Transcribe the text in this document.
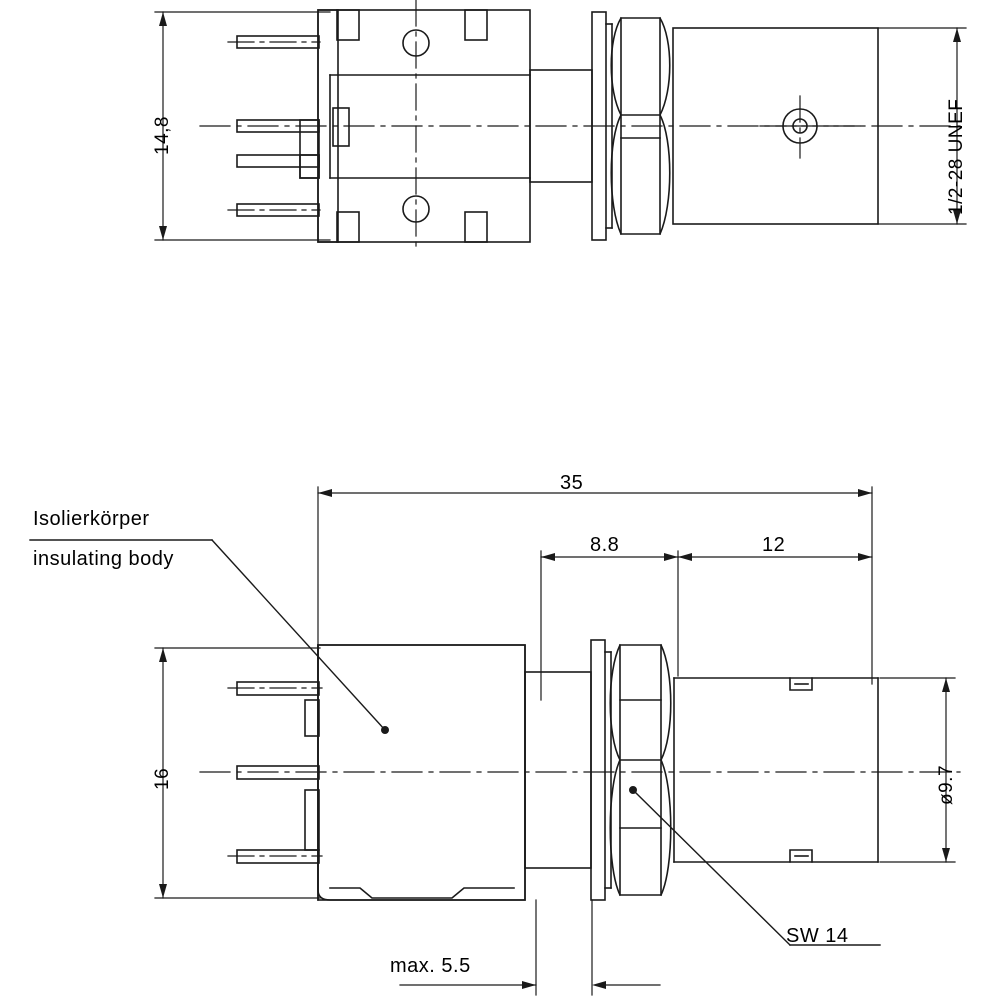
14,8	1/2-28 UNEF
35
8.8	12
16	ø9.7
max. 5.5
Isolierkörper
insulating body
SW 14
